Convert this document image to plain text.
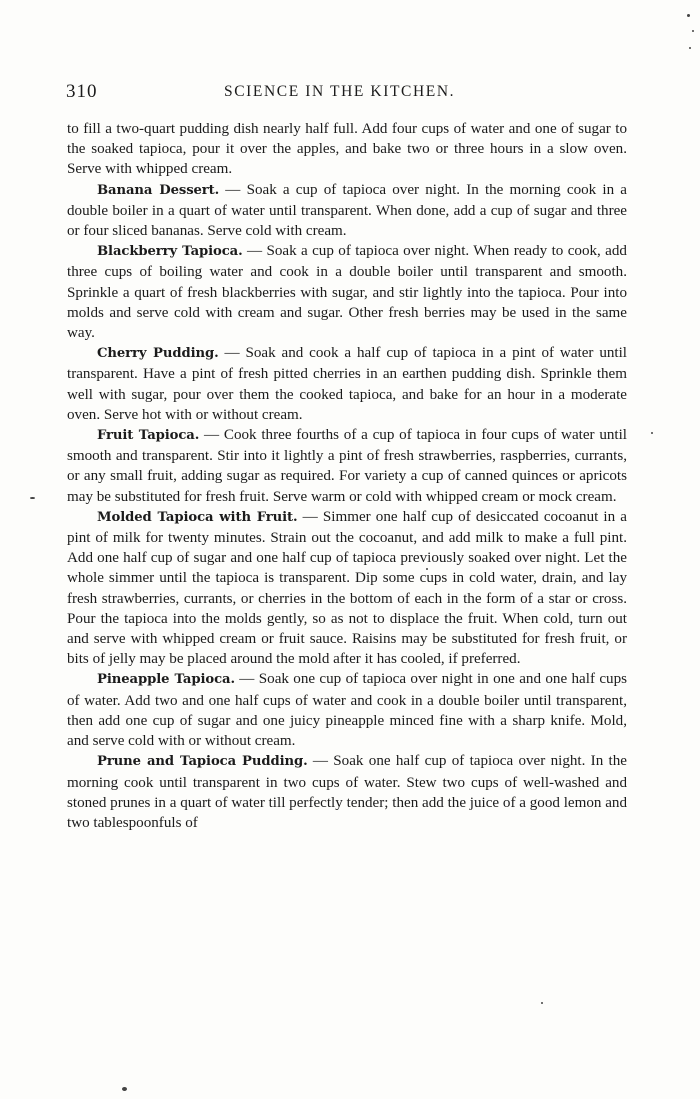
310	SCIENCE IN THE KITCHEN.

to fill a two-quart pudding dish nearly half full. Add four cups of water and one of sugar to the soaked tapioca, pour it over the apples, and bake two or three hours in a slow oven. Serve with whipped cream.

Banana Dessert. — Soak a cup of tapioca over night. In the morning cook in a double boiler in a quart of water until transparent. When done, add a cup of sugar and three or four sliced bananas. Serve cold with cream.

Blackberry Tapioca. — Soak a cup of tapioca over night. When ready to cook, add three cups of boiling water and cook in a double boiler until transparent and smooth. Sprinkle a quart of fresh blackberries with sugar, and stir lightly into the tapioca. Pour into molds and serve cold with cream and sugar. Other fresh berries may be used in the same way.

Cherry Pudding. — Soak and cook a half cup of tapioca in a pint of water until transparent. Have a pint of fresh pitted cherries in an earthen pudding dish. Sprinkle them well with sugar, pour over them the cooked tapioca, and bake for an hour in a moderate oven. Serve hot with or without cream.

Fruit Tapioca. — Cook three fourths of a cup of tapioca in four cups of water until smooth and transparent. Stir into it lightly a pint of fresh strawberries, raspberries, currants, or any small fruit, adding sugar as required. For variety a cup of canned quinces or apricots may be substituted for fresh fruit. Serve warm or cold with whipped cream or mock cream.

Molded Tapioca with Fruit. — Simmer one half cup of desiccated cocoanut in a pint of milk for twenty minutes. Strain out the cocoanut, and add milk to make a full pint. Add one half cup of sugar and one half cup of tapioca previously soaked over night. Let the whole simmer until the tapioca is transparent. Dip some cups in cold water, drain, and lay fresh strawberries, currants, or cherries in the bottom of each in the form of a star or cross. Pour the tapioca into the molds gently, so as not to displace the fruit. When cold, turn out and serve with whipped cream or fruit sauce. Raisins may be substituted for fresh fruit, or bits of jelly may be placed around the mold after it has cooled, if preferred.

Pineapple Tapioca. — Soak one cup of tapioca over night in one and one half cups of water. Add two and one half cups of water and cook in a double boiler until transparent, then add one cup of sugar and one juicy pineapple minced fine with a sharp knife. Mold, and serve cold with or without cream.

Prune and Tapioca Pudding. — Soak one half cup of tapioca over night. In the morning cook until transparent in two cups of water. Stew two cups of well-washed and stoned prunes in a quart of water till perfectly tender; then add the juice of a good lemon and two tablespoonfuls of
